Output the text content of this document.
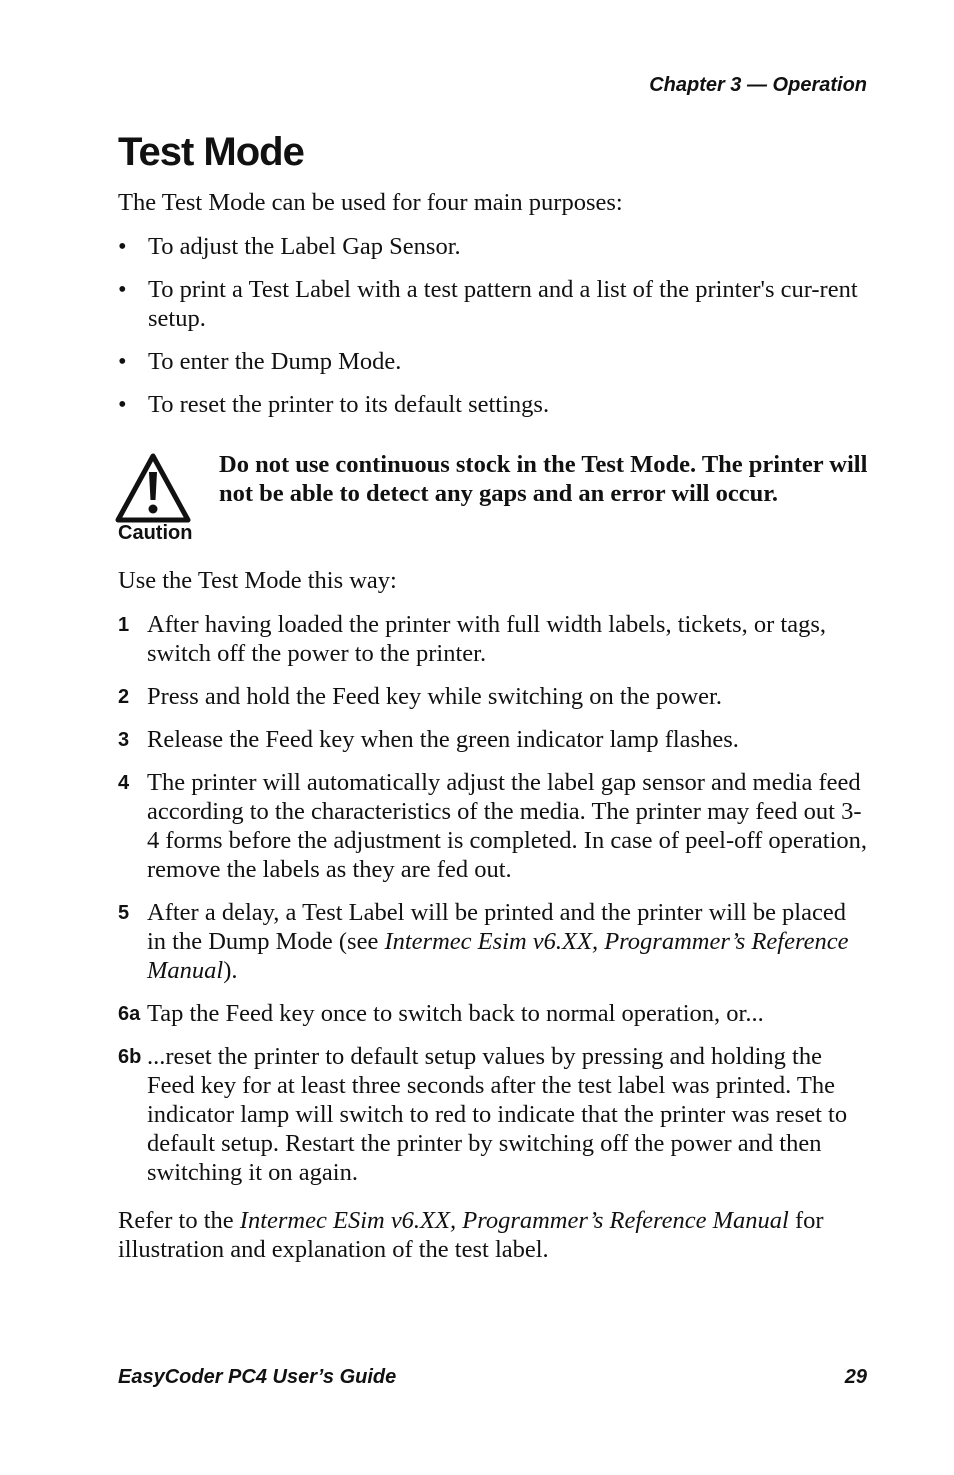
Chapter 3 — Operation
Test Mode

The Test Mode can be used for four main purposes:

• To adjust the Label Gap Sensor.
• To print a Test Label with a test pattern and a list of the printer's cur-rent setup.
• To enter the Dump Mode.
• To reset the printer to its default settings.
Caution

Do not use continuous stock in the Test Mode. The printer will not be able to detect any gaps and an error will occur.

Use the Test Mode this way:

1 After having loaded the printer with full width labels, tickets, or tags, switch off the power to the printer.
2 Press and hold the Feed key while switching on the power.
3 Release the Feed key when the green indicator lamp flashes.
4 The printer will automatically adjust the label gap sensor and media feed according to the characteristics of the media. The printer may feed out 3-4 forms before the adjustment is completed. In case of peel-off operation, remove the labels as they are fed out.
5 After a delay, a Test Label will be printed and the printer will be placed in the Dump Mode (see Intermec Esim v6.XX, Programmer’s Reference Manual).
6a Tap the Feed key once to switch back to normal operation, or...
6b ...reset the printer to default setup values by pressing and holding the Feed key for at least three seconds after the test label was printed. The indicator lamp will switch to red to indicate that the printer was reset to default setup. Restart the printer by switching off the power and then switching it on again.

Refer to the Intermec ESim v6.XX, Programmer’s Reference Manual for illustration and explanation of the test label.

EasyCoder PC4 User’s Guide	29
